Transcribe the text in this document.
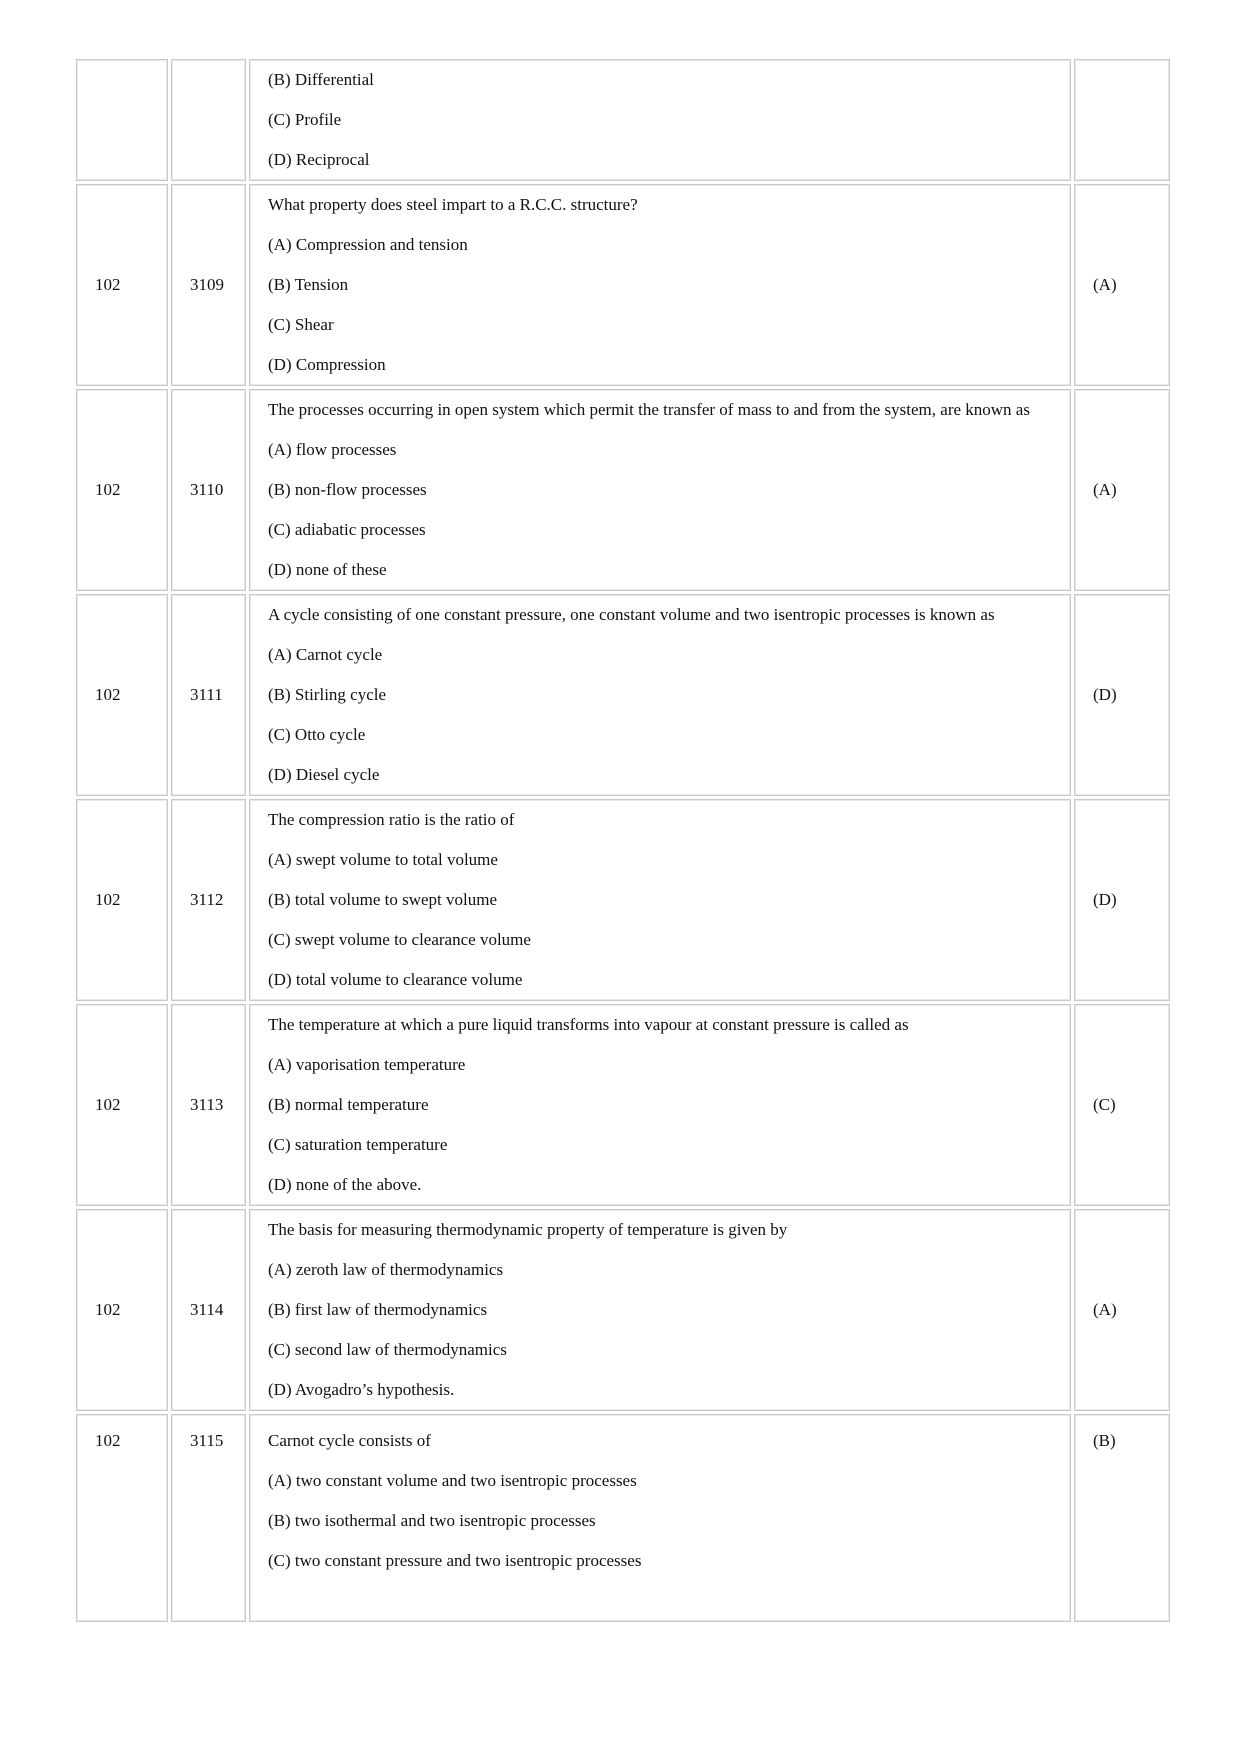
		(B) Differential
(C) Profile
(D) Reciprocal	

102	3109	What property does steel impart to a R.C.C. structure?
(A) Compression and tension
(B) Tension
(C) Shear
(D) Compression	(A)
102	3110	The processes occurring in open system which permit the transfer of mass to and from the system, are known as
(A) flow processes
(B) non-flow processes
(C) adiabatic processes
(D) none of these	(A)
102	3111	A cycle consisting of one constant pressure, one constant volume and two isentropic processes is known as
(A) Carnot cycle
(B) Stirling cycle
(C) Otto cycle
(D) Diesel cycle	(D)
102	3112	The compression ratio is the ratio of
(A) swept volume to total volume
(B) total volume to swept volume
(C) swept volume to clearance volume
(D) total volume to clearance volume	(D)
102	3113	The temperature at which a pure liquid transforms into vapour at constant pressure is called as
(A) vaporisation temperature
(B) normal temperature
(C) saturation temperature
(D) none of the above.	(C)
102	3114	The basis for measuring thermodynamic property of temperature is given by
(A) zeroth law of thermodynamics
(B) first law of thermodynamics
(C) second law of thermodynamics
(D) Avogadro’s hypothesis.	(A)
102	3115	Carnot cycle consists of
(A) two constant volume and two isentropic processes
(B) two isothermal and two isentropic processes
(C) two constant pressure and two isentropic processes	(B)
